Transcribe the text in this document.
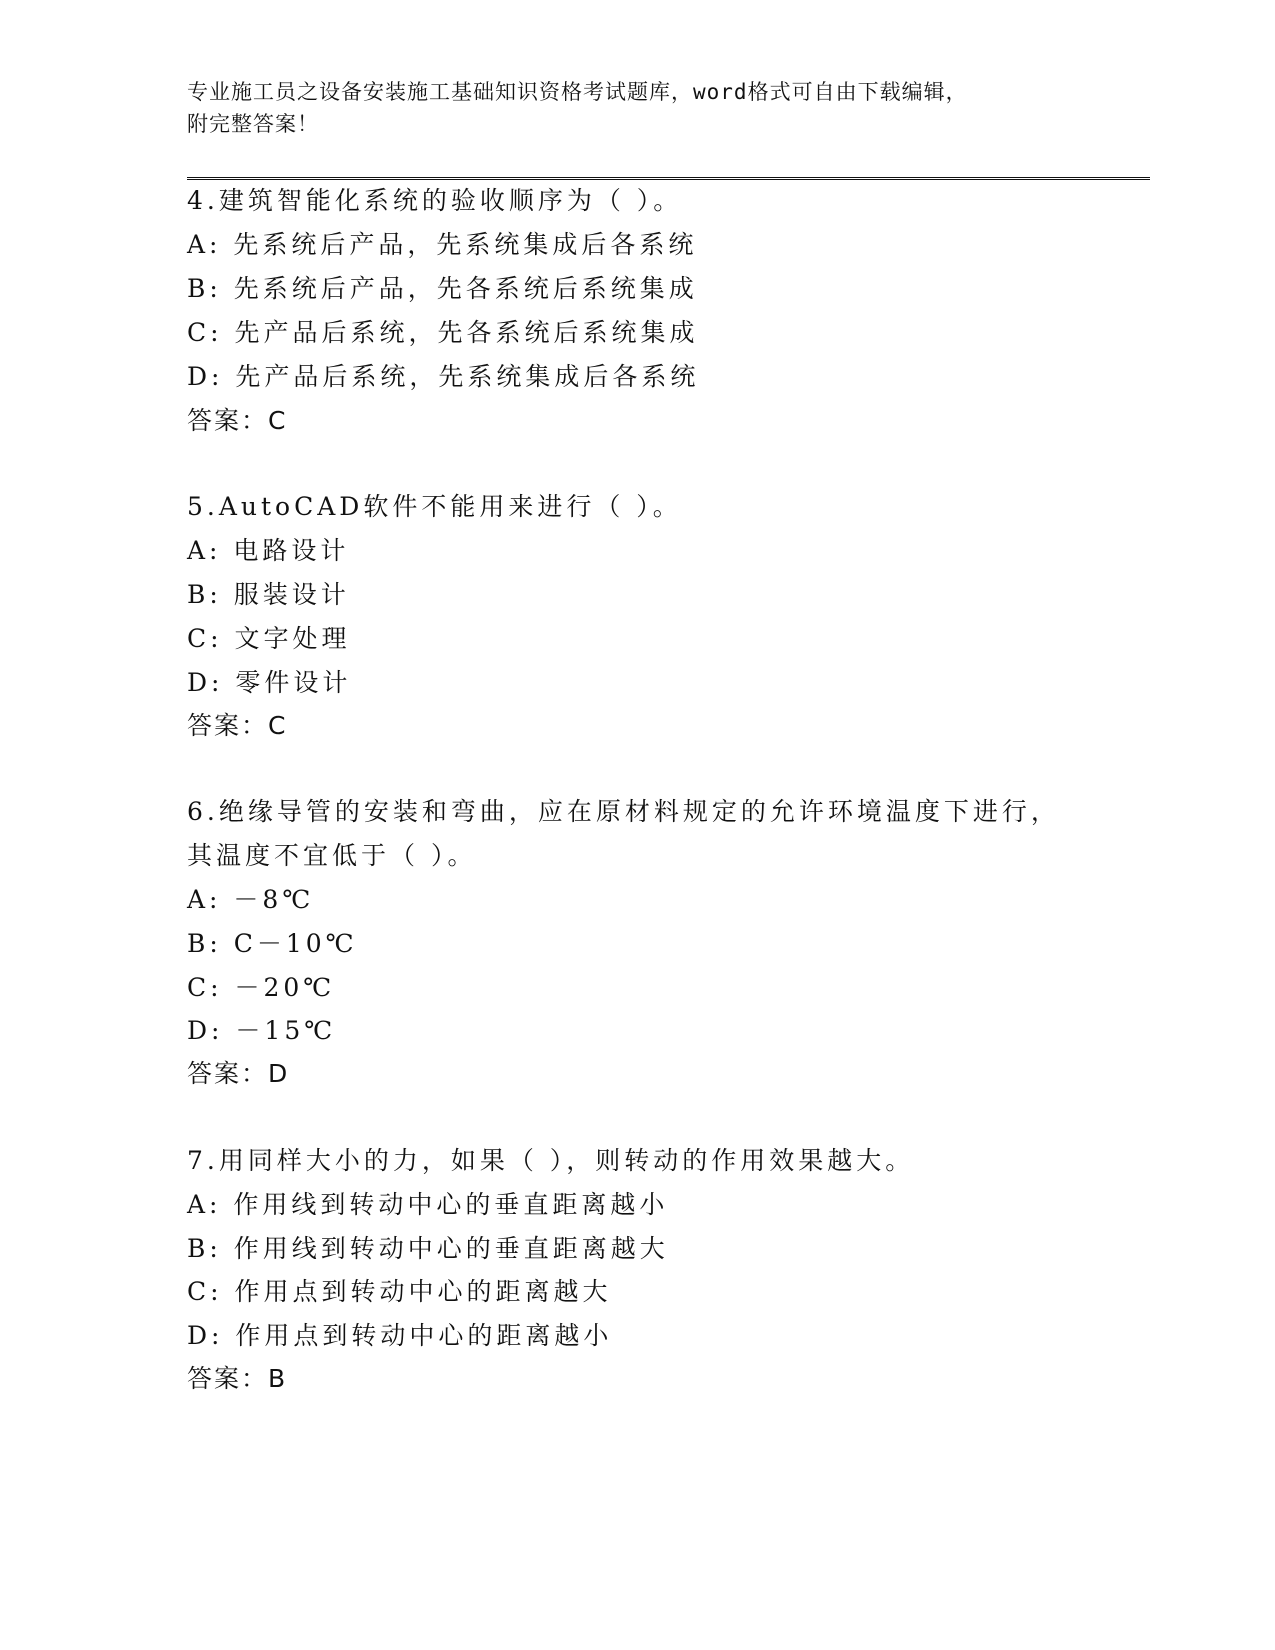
专业施工员之设备安装施工基础知识资格考试题库，word格式可自由下载编辑，
附完整答案！
4.建筑智能化系统的验收顺序为（ ）。
A: 先系统后产品，先系统集成后各系统
B: 先系统后产品，先各系统后系统集成
C: 先产品后系统，先各系统后系统集成
D: 先产品后系统，先系统集成后各系统
答案：C
5.AutoCAD软件不能用来进行（ ）。
A: 电路设计
B: 服装设计
C: 文字处理
D: 零件设计
答案：C
6.绝缘导管的安装和弯曲，应在原材料规定的允许环境温度下进行，
其温度不宜低于（ ）。
A: －8℃
B: C－10℃
C: －20℃
D: －15℃
答案：D
7.用同样大小的力，如果（ ），则转动的作用效果越大。
A: 作用线到转动中心的垂直距离越小
B: 作用线到转动中心的垂直距离越大
C: 作用点到转动中心的距离越大
D: 作用点到转动中心的距离越小
答案：B
